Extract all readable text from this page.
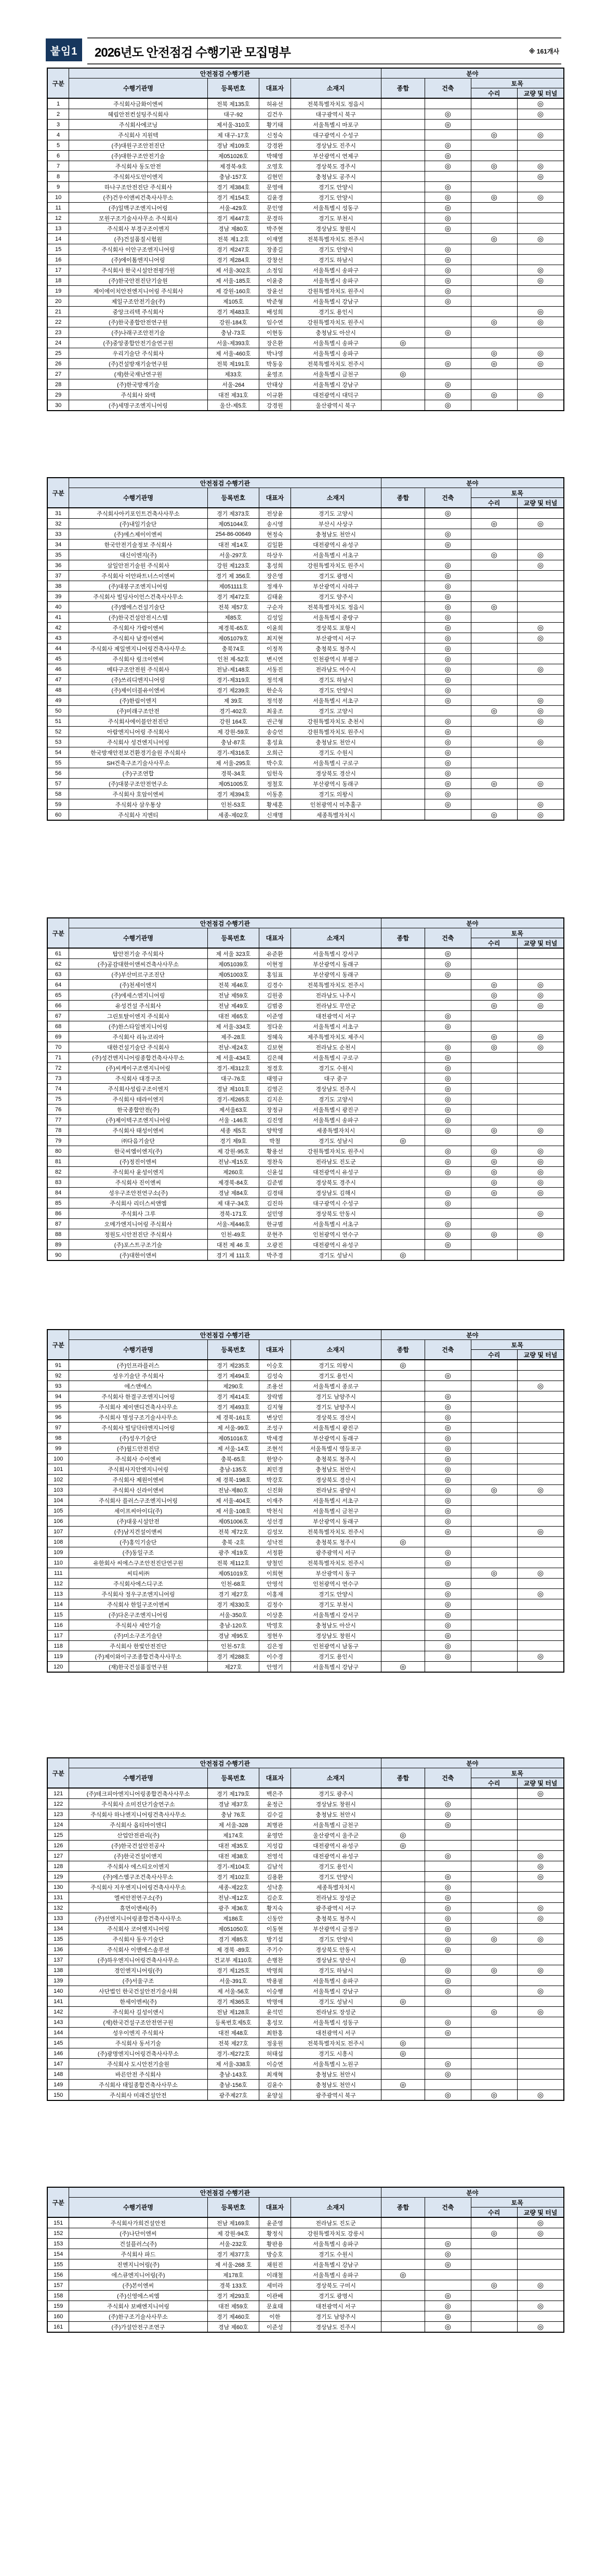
붙임1	2026년도 안전점검 수행기관 모집명부	※ 161개사
구분	안전점검 수행기관				분야			
	수행기관명	등록번호	대표자	소재지	종합	건축	토목	
							수리	교량 및 터널
1	주식회사금화이엔씨	전북 제135호	허유선	전북특별자치도 정읍시				◎
2	혜림안전컨설팅주식회사	대구-92	김건우	대구광역시 북구		◎		◎
3	주식회사에코닝	제서울-310호	황기태	서울특별시 마포구		◎		
4	주식회사 지원텍	제 대구-17호	신정숙	대구광역시 수성구			◎	◎
5	(주)대원구조안전진단	경남 제109호	강경완	경상남도 진주시		◎		
6	(주)대한구조안전기술	제051026호	박혜영	부산광역시 연제구		◎		
7	주식회사 동도안전	제경북-9호	오영호	경상북도 경주시		◎	◎	◎
8	주식회사도안이엔지	충남-157호	김현민	충청남도 공주시				◎
9	하나구조안전진단 주식회사	경기 제384호	문영애	경기도 안양시		◎		
10	(주)건우이앤씨건축사사무소	경기 제154호	김윤경	경기도 안양시		◎	◎	◎
11	(주)일맥구조엔지니어링	서울-429호	문인영	서울특별시 성동구		◎		
12	모원구조기술사사무소 주식회사	경기 제447호	문경하	경기도 부천시		◎		
13	주식회사 부경구조이엔지	경남 제80호	박주현	경상남도 창원시		◎		
14	(주)건설품질시험원	전북 제1.2호	이재열	전북특별자치도 전주시			◎	◎
15	주식회사 이안구조엔지니어링	경기 제247호	장종길	경기도 안양시		◎		
16	(주)에이톰엔지니어링	경기 제284호	강창선	경기도 하남시		◎		
17	주식회사 한국시설안전평가원	제 서울-302호	소정임	서울특별시 송파구		◎		◎
18	(주)한국안전진단기술원	제 서울-185호	이윤중	서울특별시 송파구		◎		◎
19	제이에이치안전엔지니어링 주식회사	제 강원-160호	장윤선	강원특별자치도 원주시		◎		
20	제일구조안전기술(주)	제105호	박준형	서울특별시 강남구		◎		
21	중앙크리텍 주식회사	경기 제483호	배성희	경기도 용인시				◎
22	(주)한국종합안전연구원	강원-184호	임수연	강원특별자치도 원주시			◎	◎
23	(주)나래구조안전기술	충남-73호	이현동	충청남도 아산시		◎		
24	(주)중앙종합안전기술연구원	서울-제393호	장은환	서울특별시 송파구	◎			
25	우리기술단 주식회사	제 서울-460호	박나영	서울특별시 송파구			◎	◎
26	(주)건설방재기술연구원	전북 제191호	박동웅	전북특별자치도 전주시		◎	◎	◎
27	(재)한국재난연구원	제33호	윤영조	서울특별시 금천구	◎			
28	(주)한국방재기술	서울-264	안태상	서울특별시 강남구		◎		
29	주식회사 와텍	대전 제31호	이규환	대전광역시 대덕구		◎	◎	◎
30	(주)세명구조엔지니어링	울산-제5호	강경원	울산광역시 북구		◎		
구분	안전점검 수행기관				분야			
	수행기관명	등록번호	대표자	소재지	종합	건축	토목	
							수리	교량 및 터널
31	주식회사아키포인트건축사사무소	경기 제373호	전상윤	경기도 고양시		◎		
32	(주)내일기술단	제051044호	송시영	부산시 사상구			◎	◎
33	(주)에스제이이엔씨	254-86-00649	현정숙	충청남도 천안시		◎		
34	한국안전기술정보 주식회사	대전 제14호	김일환	대전광역시 유성구		◎		
35	대신이엔지(주)	서울-297호	하상우	서울특별시 서초구			◎	◎
36	삼일안전기술원 주식회사	강원 제123호	홍성희	강원특별자치도 원주시		◎		◎
37	주식회사 이안파트너스이엔씨	경기 제 356호	장은영	경기도 광명시		◎		
38	(주)대붕구조엔지니어링	제051111호	정재우	부산광역시 사하구		◎		
39	주식회사 빌딩사이언스건축사사무소	경기 제472호	김태윤	경기도 양주시		◎		
40	(주)엠에스건설기술단	전북 제57호	구순자	전북특별자치도 정읍시		◎	◎	
41	(주)한국건설안전시스템	제85호	김성일	서울특별시 중랑구		◎		
42	주식회사 가람이엔씨	제경북-65호	이윤희	경상북도 포항시		◎		◎
43	주식회사 남경이엔씨	제051079호	최지현	부산광역시 서구		◎		◎
44	주식회사 제일엔지니어링건축사사무소	충북74호	이정복	충청북도 청주시		◎		
45	주식회사 링크이엔씨	인천 제-52호	변시연	인천광역시 부평구		◎		
46	메타구조안전원 주식회사	전남-제148호	서동진	전라남도 여수시		◎		◎
47	(주)쓰리디엔지니어링	경기-제319호	정석재	경기도 하남시		◎		
48	(주)제이더블유이엔씨	경기 제239호	한순옥	경기도 안양시		◎		
49	(주)한림이엔지	제 39호	정석봉	서울특별시 서초구		◎		◎
50	(주)미래구조안전	경기-402호	최웅조	경기도 고양시			◎	◎
51	주식회사에이블안전진단	강원 164호	권근형	강원특별자치도 춘천시		◎		◎
52	아람엔지니어링 주식회사	제 강원-59호	송승언	강원특별자치도 원주시		◎		
53	주식회사 성건엔지니어링	충남-87호	홍성효	충청남도 천안시		◎		◎
54	한국방재안전보건환경기술원 주식회사	경기-제316호	오희근	경기도 수원시		◎		
55	SH건축구조기술사사무소	제 서울-295호	박수호	서울특별시 구로구		◎		
56	(주)구조연합	경북-34호	임헌욱	경상북도 경산시		◎		
57	(주)대붕구조안전연구소	제051005호	정철호	부산광역시 동래구		◎	◎	◎
58	주식회사 호암이엔씨	경기 제394호	이동훈	경기도 의왕시		◎		
59	주식회사 삼우통상	인천-53호	황세훈	인천광역시 미추홀구		◎		◎
60	주식회사 지엔티	세종-제02호	신재명	세종특별자치시			◎	◎
구분	안전점검 수행기관				분야			
	수행기관명	등록번호	대표자	소재지	종합	건축	토목	
							수리	교량 및 터널
61	탑안전기술 주식회사	제 서울 323호	유준환	서울특별시 강서구		◎		
62	(주)공감대한이앤씨건축사사무소	제051039호	이현정	부산광역시 동래구		◎		
63	(주)부산미르구조진단	제051003호	홍임표	부산광역시 동래구		◎		
64	(주)천세이엔지	전북 제46호	김경수	전북특별자치도 전주시			◎	◎
65	(주)에세스엔지니어링	전남 제59호	김원중	전라남도 나주시			◎	◎
66	유성건설 주식회사	전남 제49호	김범중	전라남도 무안군			◎	◎
67	그린토탈이엔지 주식회사	대전 제65호	이준영	대전광역시 서구		◎		
68	(주)한스타일엔지니어링	제 서울-334호	정다운	서울특별시 서초구		◎		
69	주식회사 리뉴코리아	제주-28호	정혜욱	제주특별자치도 제주시			◎	◎
70	대한건설기술단 주식회사	전남-제24호	김보현	전라남도 순천시		◎	◎	◎
71	(주)성건엔지니어링종합건축사사무소	제 서울-434호	김은혜	서울특별시 구로구		◎		
72	(주)씨케이구조엔지니어링	경기-제312호	정경호	경기도 수원시		◎		
73	주식회사 대경구조	대구-76호	태영규	대구 중구		◎		
74	주식회사성림구조이엔지	경남 제101호	김영곤	경상남도 진주시		◎		
75	주식회사 테라이엔지	경기-제265호	김지은	경기도 고양시		◎		
76	한국종합안전(주)	제서울63호	장정규	서울특별시 광진구		◎		
77	(주)제이텍구조엔지니어링	서울 -146호	김진영	서울특별시 송파구		◎		
78	주식회사 태성이엔씨	세종 제5호	양학영	세종특별자치시		◎	◎	◎
79	㈜다음기술단	경기 제9호	박철	경기도 성남시	◎			
80	한국씨엠이엔지(주)	제 강원-95호	황용선	강원특별자치도 원주시		◎	◎	◎
81	(주)정진이엔씨	전남-제15호	정찬욱	전라남도 진도군		◎	◎	◎
82	주식회사 윤성이엔지	제260호	신윤섭	대전광역시 유성구		◎	◎	◎
83	주식회사 진이엔씨	제경북-84호	김준범	경상북도 경주시			◎	◎
84	성우구조안전연구소(주)	경남 제84호	김경태	경상남도 김해시		◎	◎	◎
85	주식회사 리더스씨앤엠	제 대구-34호	김진하	대구광역시 수성구		◎		
86	주식회사 그루	경북-171호	설민영	경상북도 안동시				◎
87	오메가엔지니어링 주식회사	서울-제446호	한규범	서울특별시 서초구		◎		
88	정원도시안전진단 주식회사	인천-49호	문현주	인천광역시 연수구		◎	◎	◎
89	(주)포스트구조기술	대전 제 46 호	오광진	대전광역시 유성구		◎		
90	(주)대한이앤씨	경기 제 111호	박주경	경기도 성남시	◎			
구분	안전점검 수행기관				분야			
	수행기관명	등록번호	대표자	소재지	종합	건축	토목	
							수리	교량 및 터널
91	(주)인프라플러스	경기 제235호	이승호	경기도 의왕시	◎			
92	성우기술단 주식회사	경기 제494호	김성숙	경기도 용인시		◎		
93	에스앤에스	제290호	조용선	서울특별시 종로구				◎
94	주식회사 한결구조엔지니어링	경기 제414호	장락범	경기도 남양주시		◎		
95	주식회사 제이앤디건축사사무소	경기 제493호	김지형	경기도 남양주시		◎		
96	주식회사 명성구조기술사사무소	제 경북-161호	변상민	경상북도 경산시		◎		
97	주식회사 빌딩닥터엔지니어링	제 서울-99호	조성구	서울특별시 광진구		◎		
98	(주)성우기술단	제051016호	박세경	부산광역시 동래구		◎		
99	(주)월드안전진단	제 서울-14호	조현석	서울특별시 영등포구		◎		
100	주식회사 수이엔씨	충북-65호	한양수	충청북도 청주시		◎		
101	주식회사지안엔지니어링	충남-135호	최민경	충청남도 천안시		◎		
102	주식회사 제원이엔씨	제 경북-198호	박강호	경상북도 경산시		◎		
103	주식회사 신라이앤씨	전남-제80호	신진화	전라남도 광양시		◎	◎	◎
104	주식회사 플러스구조엔지니어링	제 서울-404호	이재주	서울특별시 서초구		◎		
105	세이프씨아이디(주)	제 서울-108호	박천식	서울특별시 금천구		◎		
106	(주)대웅시설안전	제051006호	성선경	부산광역시 동래구		◎		
107	(주)남지건설이앤씨	전북 제72호	김성모	전북특별자치도 전주시		◎		◎
108	(주)홍익기술단	충북 -2호	성낙전	충청북도 청주시	◎			
109	(주)동일구조	광주 제19호	서정환	광주광역시 서구		◎		
110	유한회사 씨에스구조안전진단연구원	전북 제112호	양철민	전북특별자치도 전주시		◎		
111	씨티씨㈜	제051019호	이희현	부산광역시 동구			◎	◎
112	주식회사에스디구조	인천-68호	안영석	인천광역시 연수구		◎		
113	주식회사 정우구조엔지니어링	경기 제27호	이홍재	경기도 안양시		◎		◎
114	주식회사 한일구조이엔씨	경기 제330호	김정수	경기도 부천시		◎		
115	(주)다온구조엔지니어링	서울-350호	이상훈	서울특별시 강서구		◎		
116	주식회사 세안기술	충남-120호	박영호	충청남도 아산시		◎		
117	(주)미소구조기술단	경남 제95호	정현우	경상남도 창원시		◎		
118	주식회사 한빛안전진단	인천-57호	김은정	인천광역시 남동구		◎		
119	(주)제이와이구조종합건축사사무소	경기 제288호	이수경	경기도 용인시		◎		◎
120	(재)한국건설품질연구원	제27호	안영기	서울특별시 강남구	◎			
구분	안전점검 수행기관				분야			
	수행기관명	등록번호	대표자	소재지	종합	건축	토목	
							수리	교량 및 터널
121	(주)테크피아엔지니어링종합건축사사무소	경기 제179호	백은주	경기도 광주시				◎
122	주식회사 소미진단기술연구소	경남 제37호	윤정근	경상남도 창원시		◎		
123	주식회사 하나엔지니어링건축사사무소	충남 76호	김수길	충청남도 천안시		◎		
124	주식회사 옵티마이엔디	제 서울-328	최병관	서울특별시 금천구		◎		
125	산업안전관리(주)	제174호	윤영만	울산광역시 울주군	◎			
126	(주)한국건설안전공사	대전 제35호	지성갑	대전광역시 유성구	◎			
127	(주)한국건설이앤지	대전 제38호	전영석	대전광역시 유성구		◎		◎
128	주식회사 에스티오이엔지	경기-제104호	김남석	경기도 용인시				◎
129	(주)에스엠구조건축사사무소	경기 제102호	김용환	경기도 안양시		◎		◎
130	주식회사 지우엔지니어링건축사사무소	세종-제22호	성낙훈	세종특별자치시		◎		
131	엘씨안전연구소(주)	전남-제12호	김순호	전라남도 장성군		◎		
132	휴먼이앤씨(주)	광주 제36호	황지숙	광주광역시 서구		◎		◎
133	(주)선엔지니어링종합건축사사무소	제186호	신동안	충청북도 청주시		◎		◎
134	주식회사 코어엔지니어링	제051050호	이동현	부산광역시 금정구		◎		
135	주식회사 동우기술단	경기 제85호	방기섭	경기도 안양시		◎	◎	◎
136	주식회사 이앤에스솔루션	제 경북 -89호	주기수	경상북도 안동시		◎		
137	(주)하우엔지니어링건축사사무소	건교부 제110호	손병찬	경상남도 양산시	◎			
138	경인엔지니어링(주)	경기 제125호	박명희	경기도 하남시		◎	◎	◎
139	(주)서울구조	서울-391호	박용필	서울특별시 송파구		◎		
140	사단법인 한국건설안전기술사회	제 서울-56호	이승행	서울특별시 강남구		◎		◎
141	한세이엔씨(주)	경기 제365호	박명애	경기도 성남시	◎			
142	주식회사 길성이앤시	전남 제128호	윤석민	전라남도 장성군			◎	◎
143	(재)한국건설구조안전연구원	등록번호제5호	홍성모	서울특별시 성동구		◎		
144	성우이엔지 주식회사	대전 제48호	최한홍	대전광역시 서구		◎		
145	주식회사 동서기술	전북 제27호	정웅원	전북특별자치도 전주시	◎			
146	(주)광명엔지니어링건축사사무소	경기-제272호	허태섭	경기도 시흥시	◎			
147	주식회사 도시안전기술원	제 서울-338호	이승연	서울특별시 노원구		◎		
148	바른안전 주식회사	충남-143호	최재혁	충청남도 천안시		◎		
149	주식회사 태일종합건축사사무소	충남-156호	김윤수	충청남도 천안시	◎			
150	주식회사 미래건설안전	광주제27호	윤양실	광주광역시 북구		◎	◎	◎
구분	안전점검 수행기관				분야			
	수행기관명	등록번호	대표자	소재지	종합	건축	토목	
							수리	교량 및 터널
151	주식회사가희건설안전	전남 제169호	윤준영	전라남도 진도군				◎
152	(주)나단이엔씨	제 강원-94호	황정식	강원특별자치도 강릉시			◎	◎
153	건설플러스(주)	서울-232호	황판용	서울특별시 송파구		◎		
154	주식회사 파드	경기 제377호	방승호	경기도 수원시		◎		
155	진엔지니어링(주)	제 서울-268 호	채원진	서울특별시 강남구		◎		
156	에스큐엔지니어링(주)	제178호	이래철	서울특별시 송파구	◎			
157	(주)본이엔씨	경북 133호	세미라	경상북도 구미시			◎	◎
158	(주)신영에스씨엠	경기 제293호	이관배	경기도 광명시		◎		
159	주식회사 보배엔지니어링	대전 제59호	문효태	대전광역시 서구		◎		◎
160	(주)한구조기술사사무소	경기 제460호	이한	경기도 남양주시		◎		
161	(주)가설안전구조연구	경남 제60호	이준성	경상남도 진주시		◎		◎
